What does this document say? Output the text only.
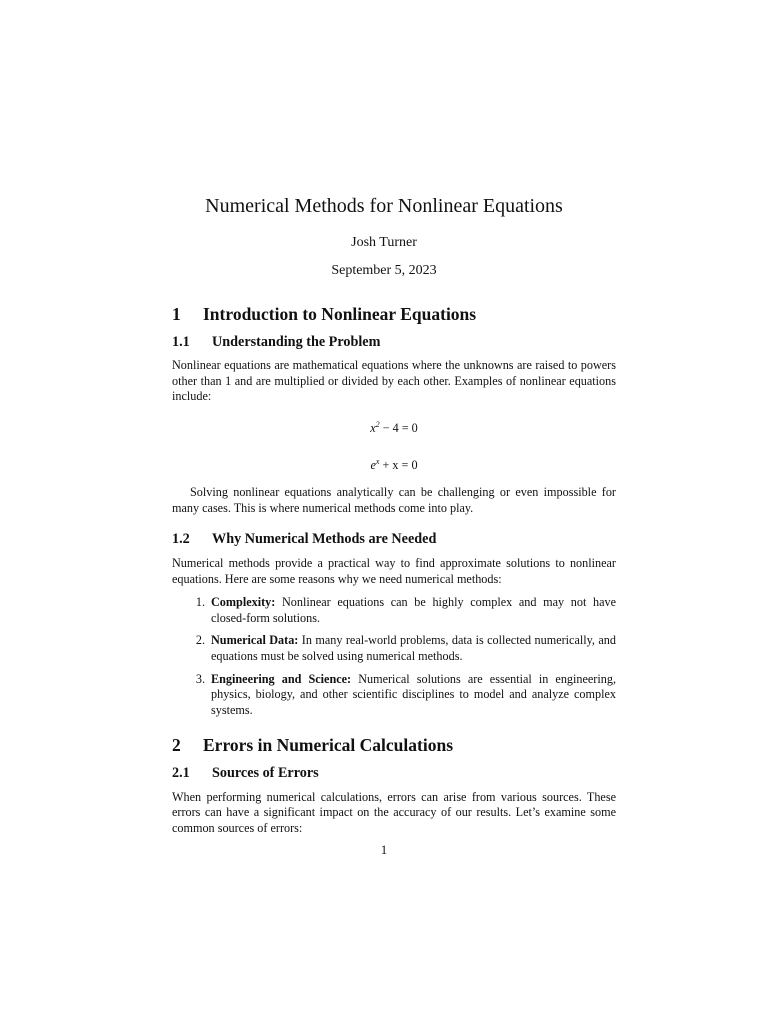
Numerical Methods for Nonlinear Equations
Josh Turner
September 5, 2023
1	Introduction to Nonlinear Equations
1.1	Understanding the Problem

Nonlinear equations are mathematical equations where the unknowns are raised to powers other than 1 and are multiplied or divided by each other. Examples of nonlinear equations include:

$x^2 - 4 = 0$
$e^x + x = 0$

Solving nonlinear equations analytically can be challenging or even impossible for many cases. This is where numerical methods come into play.

1.2	Why Numerical Methods are Needed

Numerical methods provide a practical way to find approximate solutions to nonlinear equations. Here are some reasons why we need numerical methods:

1. Complexity: Nonlinear equations can be highly complex and may not have closed-form solutions.
2. Numerical Data: In many real-world problems, data is collected numerically, and equations must be solved using numerical methods.
3. Engineering and Science: Numerical solutions are essential in engineering, physics, biology, and other scientific disciplines to model and analyze complex systems.
2	Errors in Numerical Calculations
2.1	Sources of Errors

When performing numerical calculations, errors can arise from various sources. These errors can have a significant impact on the accuracy of our results. Let’s examine some common sources of errors:

1
